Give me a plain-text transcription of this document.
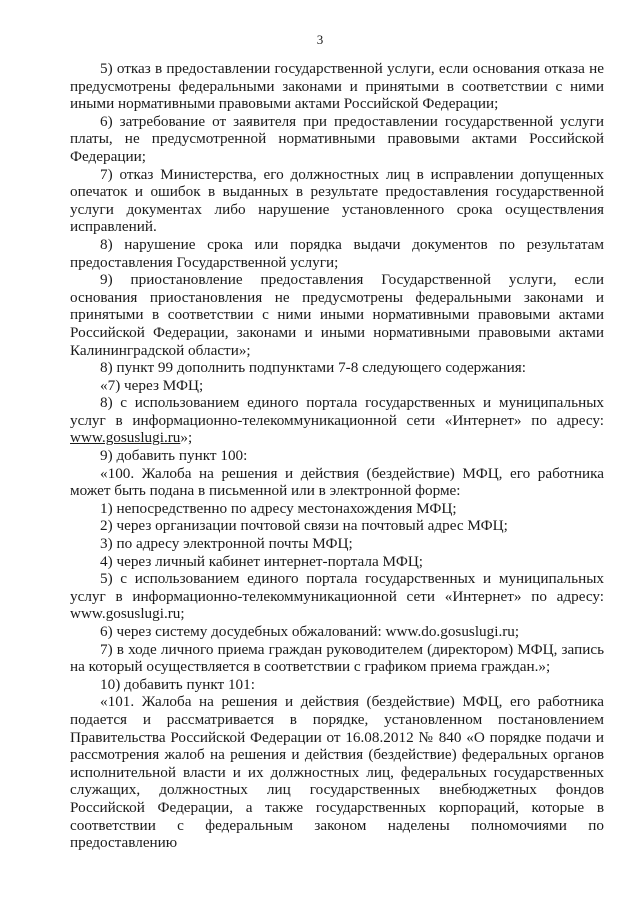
3

5) отказ в предоставлении государственной услуги, если основания отказа не предусмотрены федеральными законами и принятыми в соответствии с ними иными нормативными правовыми актами Российской Федерации;

6) затребование от заявителя при предоставлении государственной услуги платы, не предусмотренной нормативными правовыми актами Российской Федерации;

7) отказ Министерства, его должностных лиц в исправлении допущенных опечаток и ошибок в выданных в результате предоставления государственной услуги документах либо нарушение установленного срока осуществления исправлений.

8) нарушение срока или порядка выдачи документов по результатам предоставления Государственной услуги;

9) приостановление предоставления Государственной услуги, если основания приостановления не предусмотрены федеральными законами и принятыми в соответствии с ними иными нормативными правовыми актами Российской Федерации, законами и иными нормативными правовыми актами Калининградской области»;

8) пункт 99 дополнить подпунктами 7-8 следующего содержания:

«7) через МФЦ;

8) с использованием единого портала государственных и муниципальных услуг в информационно-телекоммуникационной сети «Интернет» по адресу: www.gosuslugi.ru»;

9) добавить пункт 100:

«100. Жалоба на решения и действия (бездействие) МФЦ, его работника может быть подана в письменной или в электронной форме:

1) непосредственно по адресу местонахождения МФЦ;

2) через организации почтовой связи на почтовый адрес МФЦ;

3) по адресу электронной почты МФЦ;

4) через личный кабинет интернет-портала МФЦ;

5) с использованием единого портала государственных и муниципальных услуг в информационно-телекоммуникационной сети «Интернет» по адресу: www.gosuslugi.ru;

6) через систему досудебных обжалований: www.do.gosuslugi.ru;

7) в ходе личного приема граждан руководителем (директором) МФЦ, запись на который осуществляется в соответствии с графиком приема граждан.»;

10) добавить пункт 101:

«101. Жалоба на решения и действия (бездействие) МФЦ, его работника подается и рассматривается в порядке, установленном постановлением Правительства Российской Федерации от 16.08.2012 № 840 «О порядке подачи и рассмотрения жалоб на решения и действия (бездействие) федеральных органов исполнительной власти и их должностных лиц, федеральных государственных служащих, должностных лиц государственных внебюджетных фондов Российской Федерации, а также государственных корпораций, которые в соответствии с федеральным законом наделены полномочиями по предоставлению
